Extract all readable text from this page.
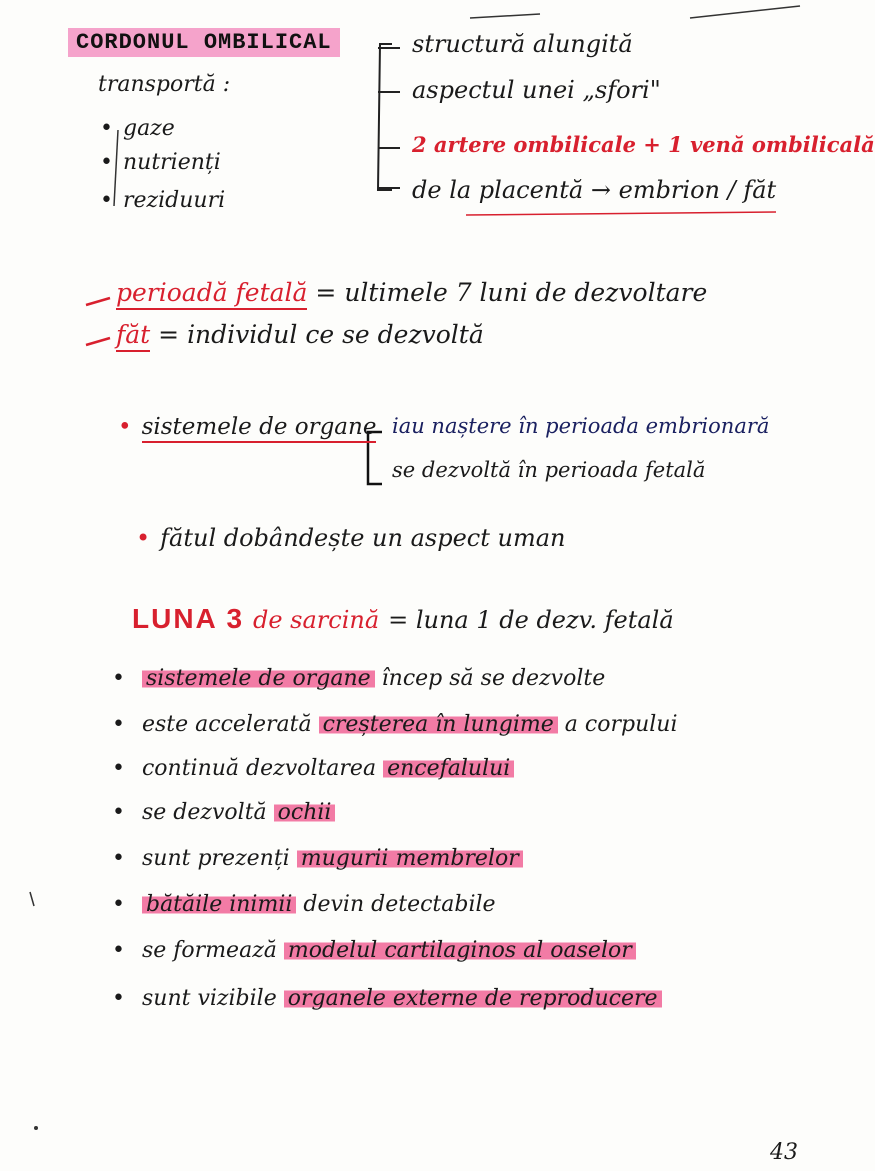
CORDONUL OMBILICAL
transportă :
• gaze
• nutrienți
• reziduuri
structură alungită
aspectul unei „sfori"
2 artere ombilicale + 1 venă ombilicală
de la placentă → embrion / făt
perioadă fetală = ultimele 7 luni de dezvoltare
făt = individul ce se dezvoltă
• sistemele de organe iau naștere în perioada embrionară
se dezvoltă în perioada fetală
• fătul dobândește un aspect uman
LUNA 3 de sarcină = luna 1 de dezv. fetală
• sistemele de organe încep să se dezvolte
• este accelerată creșterea în lungime a corpului
• continuă dezvoltarea encefalului
• se dezvoltă ochii
• sunt prezenți mugurii membrelor
• bătăile inimii devin detectabile
• se formează modelul cartilaginos al oaselor
• sunt vizibile organele externe de reproducere
43
